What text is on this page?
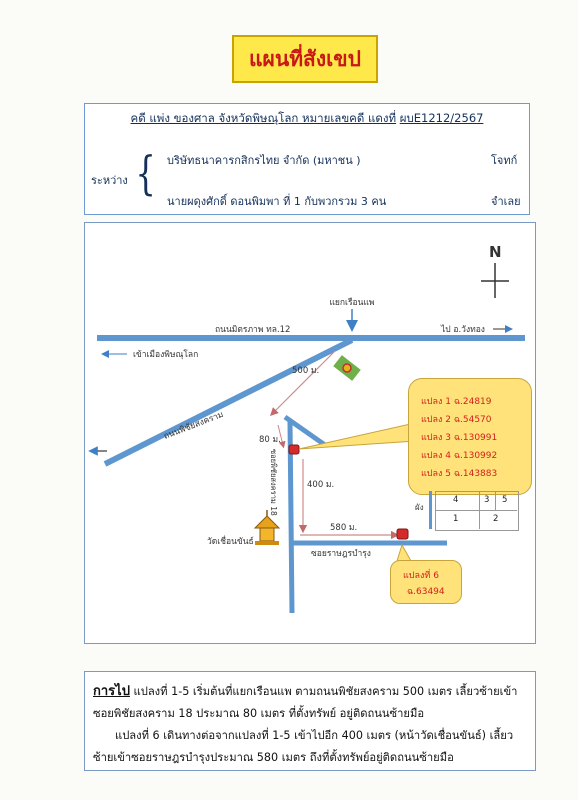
แผนที่สังเขป
คดี แพ่ง ของศาล จังหวัดพิษณุโลก หมายเลขคดี แดงที่ ผบE1212/2567
ระหว่าง { บริษัทธนาคารกสิกรไทย จำกัด (มหาชน )	โจทก์
นายผดุงศักดิ์ ดอนพิมพา ที่ 1 กับพวกรวม 3 คน	จำเลย
N
แยกเรือนแพ
ถนนมิตรภาพ ทล.12	ไป อ.วังทอง
เข้าเมืองพิษณุโลก
500 ม.
ถนนพิชัยสงคราม	80 ม.
ซอยพิชัยสงคราม 18	400 ม.
วัดเชื่อนขันธ์
580 ม.
ซอยราษฎรบำรุง
แปลง 1 ฉ.24819
แปลง 2 ฉ.54570
แปลง 3 ฉ.130991
แปลง 4 ฉ.130992
แปลง 5 ฉ.143883
ผัง
4	3 5
1	2
แปลงที่ 6
ฉ.63494
การไป แปลงที่ 1-5 เริ่มต้นที่แยกเรือนแพ ตามถนนพิชัยสงคราม 500 เมตร เลี้ยวซ้ายเข้า
ซอยพิชัยสงคราม 18 ประมาณ 80 เมตร ที่ตั้งทรัพย์ อยู่ติดถนนซ้ายมือ
แปลงที่ 6 เดินทางต่อจากแปลงที่ 1-5 เข้าไปอีก 400 เมตร (หน้าวัดเชื่อนขันธ์) เลี้ยว
ซ้ายเข้าซอยราษฎรบำรุงประมาณ 580 เมตร ถึงที่ตั้งทรัพย์อยู่ติดถนนซ้ายมือ
